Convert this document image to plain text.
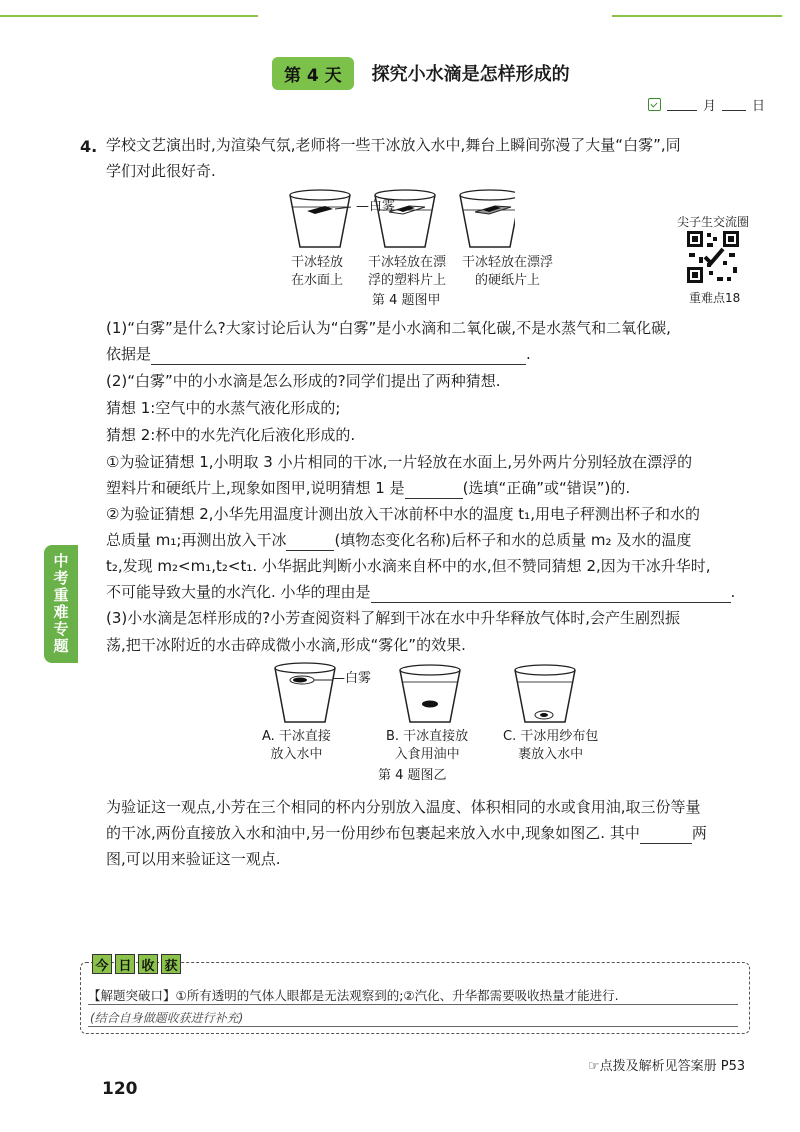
第 4 天	探究小水滴是怎样形成的
月	日
4. 学校文艺演出时,为渲染气氛,老师将一些干冰放入水中,舞台上瞬间弥漫了大量“白雾”,同
学们对此很好奇.
—白雾
干冰轻放
在水面上
干冰轻放在漂
浮的塑料片上
干冰轻放在漂浮
的硬纸片上
第 4 题图甲
尖子生交流圈
重难点18
(1)“白雾”是什么?大家讨论后认为“白雾”是小水滴和二氧化碳,不是水蒸气和二氧化碳,
依据是	.
(2)“白雾”中的小水滴是怎么形成的?同学们提出了两种猜想.
猜想 1:空气中的水蒸气液化形成的;
猜想 2:杯中的水先汽化后液化形成的.
①为验证猜想 1,小明取 3 小片相同的干冰,一片轻放在水面上,另外两片分别轻放在漂浮的
塑料片和硬纸片上,现象如图甲,说明猜想 1 是	(选填“正确”或“错误”)的.
②为验证猜想 2,小华先用温度计测出放入干冰前杯中水的温度 t₁,用电子秤测出杯子和水的
总质量 m₁;再测出放入干冰	(填物态变化名称)后杯子和水的总质量 m₂ 及水的温度
t₂,发现 m₂<m₁,t₂<t₁. 小华据此判断小水滴来自杯中的水,但不赞同猜想 2,因为干冰升华时,
不可能导致大量的水汽化. 小华的理由是	.
中考重难专题	(3)小水滴是怎样形成的?小芳查阅资料了解到干冰在水中升华释放气体时,会产生剧烈振
荡,把干冰附近的水击碎成微小水滴,形成“雾化”的效果.
—白雾
A. 干冰直接
放入水中
B. 干冰直接放
入食用油中
C. 干冰用纱布包
裹放入水中
第 4 题图乙
为验证这一观点,小芳在三个相同的杯内分别放入温度、体积相同的水或食用油,取三份等量
的干冰,两份直接放入水和油中,另一份用纱布包裹起来放入水中,现象如图乙. 其中	两
图,可以用来验证这一观点.
今 日 收 获
【解题突破口】①所有透明的气体人眼都是无法观察到的;②汽化、升华都需要吸收热量才能进行.
(结合自身做题收获进行补充)
☞点拨及解析见答案册 P53
120
